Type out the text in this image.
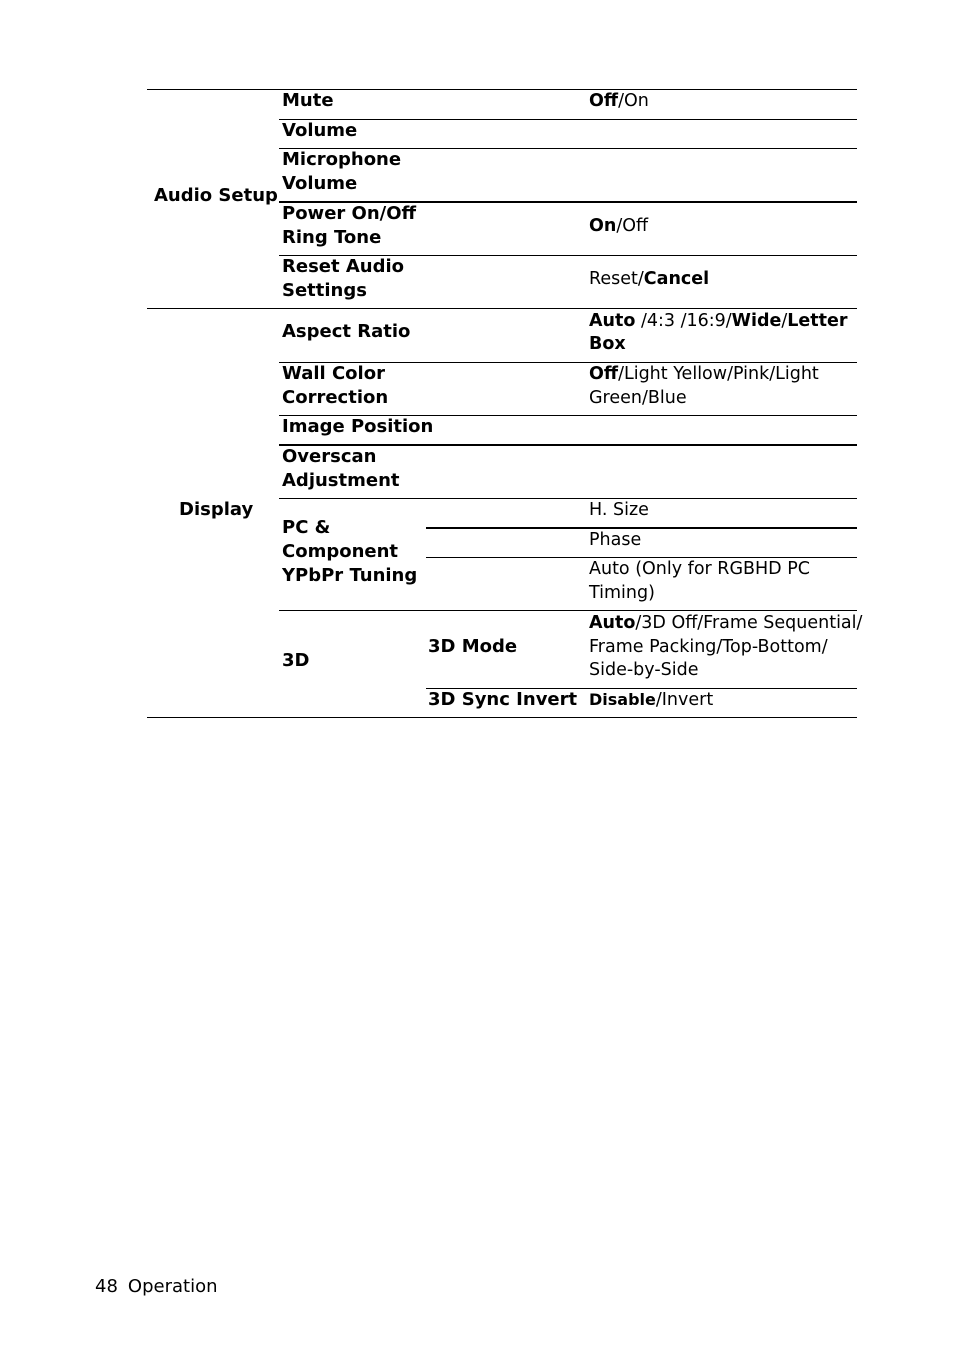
Audio Setup
Mute	Off/On
Volume
Microphone
Volume
Power On/Off
Ring Tone
On/Off
Reset Audio
Settings
Reset/Cancel
Display
Aspect Ratio	Auto /4:3 /16:9/Wide/Letter
Box
Wall Color
Correction
Off/Light Yellow/Pink/Light
Green/Blue
Image Position
Overscan
Adjustment
PC &
Component
YPbPr Tuning
H. Size
Phase
Auto (Only for RGBHD PC
Timing)
3D
3D Mode
Auto/3D Off/Frame Sequential/
Frame Packing/Top-Bottom/
Side-by-Side
3D Sync Invert Disable/Invert
48 Operation
